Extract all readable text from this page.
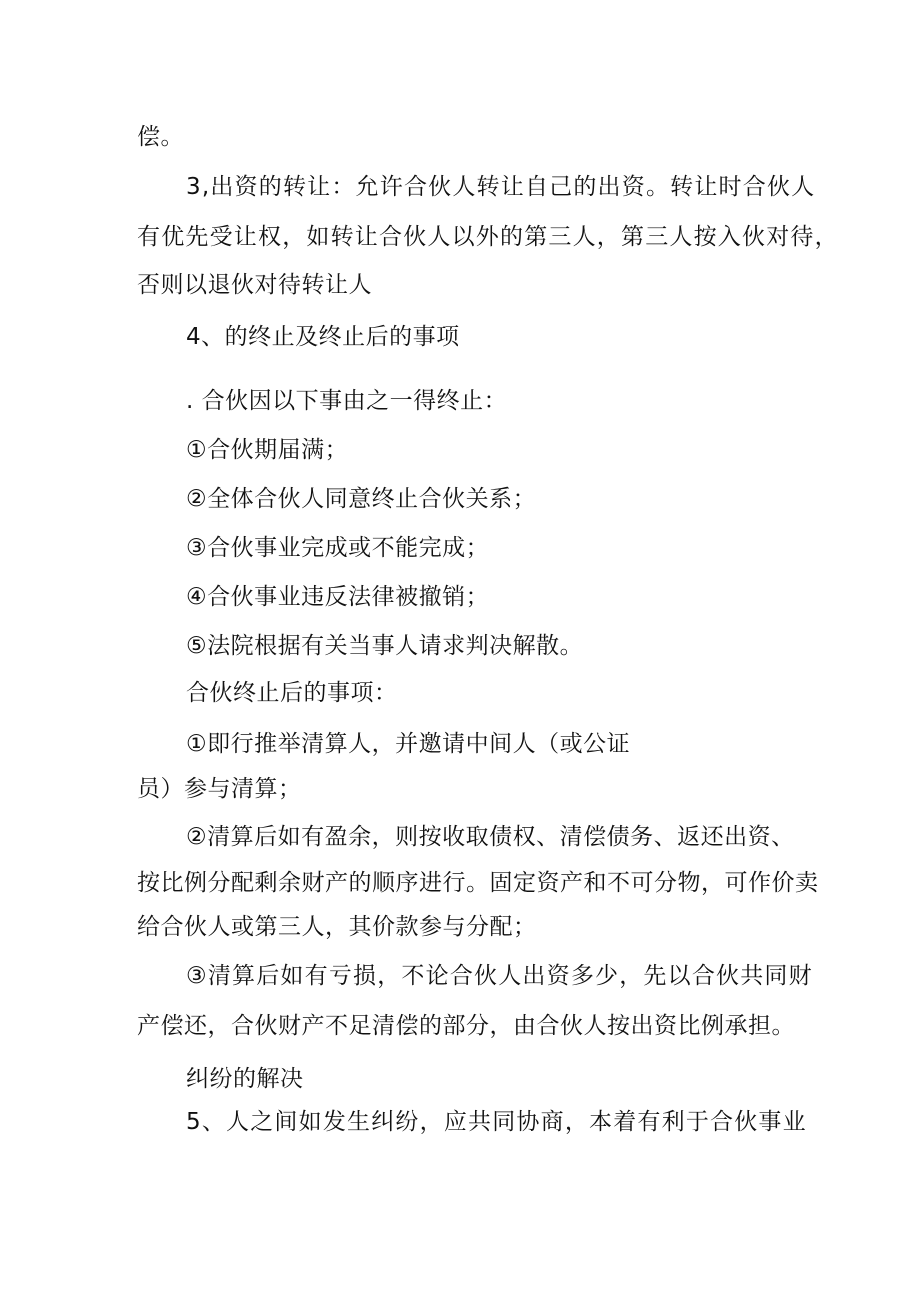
偿。
3,出资的转让：允许合伙人转让自己的出资。转让时合伙人
有优先受让权，如转让合伙人以外的第三人，第三人按入伙对待，
否则以退伙对待转让人
4、的终止及终止后的事项
. 合伙因以下事由之一得终止：
①合伙期届满；
②全体合伙人同意终止合伙关系；
③合伙事业完成或不能完成；
④合伙事业违反法律被撤销；
⑤法院根据有关当事人请求判决解散。
合伙终止后的事项：
①即行推举清算人，并邀请中间人（或公证
员）参与清算；
②清算后如有盈余，则按收取债权、清偿债务、返还出资、
按比例分配剩余财产的顺序进行。固定资产和不可分物，可作价卖
给合伙人或第三人，其价款参与分配；
③清算后如有亏损，不论合伙人出资多少，先以合伙共同财
产偿还，合伙财产不足清偿的部分，由合伙人按出资比例承担。
纠纷的解决
5、人之间如发生纠纷，应共同协商，本着有利于合伙事业
